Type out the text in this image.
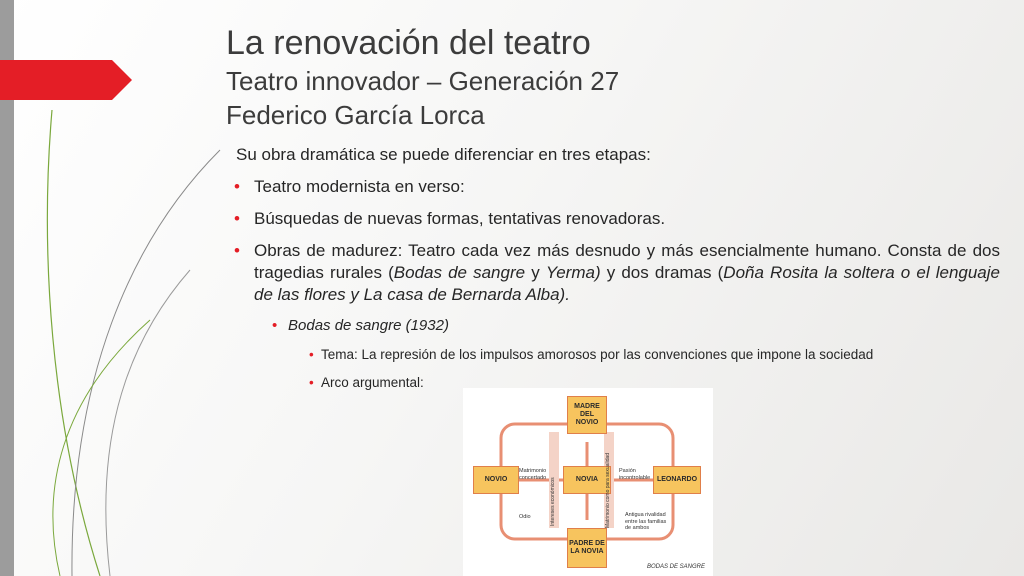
La renovación del teatro
Teatro innovador – Generación 27
Federico García Lorca
Su obra dramática se puede diferenciar en tres etapas:
• Teatro modernista en verso:
• Búsquedas de nuevas formas, tentativas renovadoras.
• Obras de madurez: Teatro cada vez más desnudo y más esencialmente humano. Consta de dos tragedias rurales (Bodas de sangre y Yerma) y dos dramas (Doña Rosita la soltera o el lenguaje de las flores y La casa de Bernarda Alba).
• Bodas de sangre (1932)
• Tema: La represión de los impulsos amorosos por las convenciones que impone la sociedad
• Arco argumental:
MADRE DEL NOVIO
NOVIO	NOVIA	LEONARDO
PADRE DE LA NOVIA
Matrimonio concertado
Pasión incontrolable
Odio	Antigua rivalidad entre las familias de ambos
Intereses económicos	Matrimonio como para sexualidad
BODAS DE SANGRE
